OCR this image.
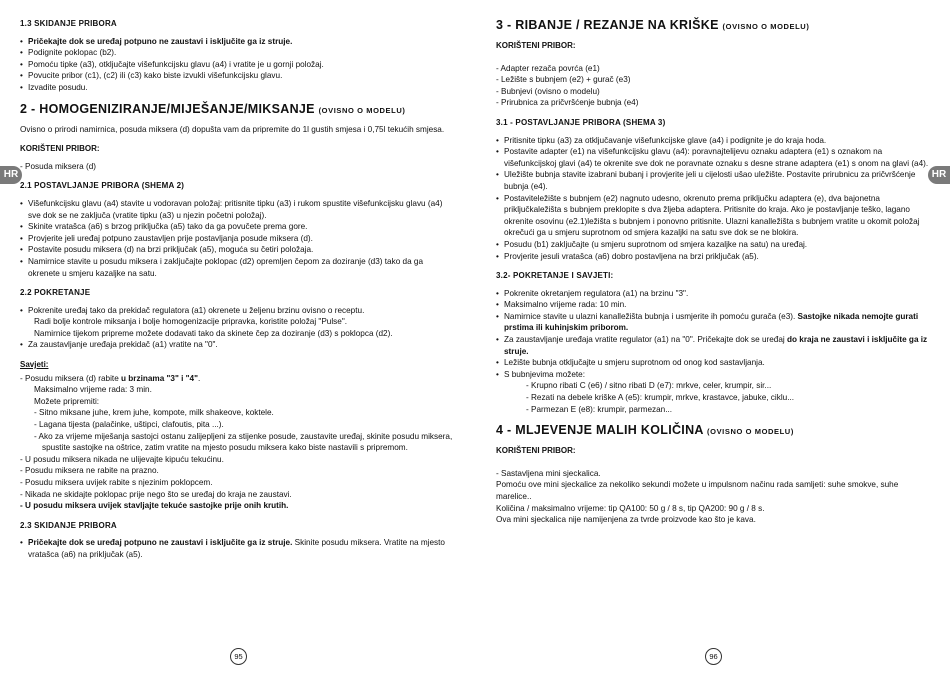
HR	HR

1.3 SKIDANJE PRIBORA

• Pričekajte dok se uređaj potpuno ne zaustavi i isključite ga iz struje.
• Podignite poklopac (b2).
• Pomoću tipke (a3), otključajte višefunkcijsku glavu (a4) i vratite je u gornji položaj.
• Povucite pribor (c1), (c2) ili (c3) kako biste izvukli višefunkcijsku glavu.
• Izvadite posudu.

2 - HOMOGENIZIRANJE/MIJEŠANJE/MIKSANJE (OVISNO O MODELU)

Ovisno o prirodi namirnica, posuda miksera (d) dopušta vam da pripremite do 1l gustih smjesa i 0,75l tekućih smjesa.

KORIŠTENI PRIBOR:

- Posuda miksera (d)

2.1 POSTAVLJANJE PRIBORA (SHEMA 2)

• Višefunkcijsku glavu (a4) stavite u vodoravan položaj: pritisnite tipku (a3) i rukom spustite višefunkcijsku glavu (a4) sve dok se ne zaključa (vratite tipku (a3) u njezin početni položaj).
• Skinite vratašca (a6) s brzog priključka (a5) tako da ga povučete prema gore.
• Provjerite jeli uređaj potpuno zaustavljen prije postavljanja posude miksera (d).
• Postavite posudu miksera (d) na brzi priključak (a5), moguća su četiri položaja.
• Namirnice stavite u posudu miksera i zaključajte poklopac (d2) opremljen čepom za doziranje (d3) tako da ga okrenete u smjeru kazaljke na satu.

2.2 POKRETANJE

• Pokrenite uređaj tako da prekidač regulatora (a1) okrenete u željenu brzinu ovisno o receptu.

Radi bolje kontrole miksanja i bolje homogenizacije pripravka, koristite položaj "Pulse".

Namirnice tijekom pripreme možete dodavati tako da skinete čep za doziranje (d3) s poklopca (d2).

• Za zaustavljanje uređaja prekidač (a1) vratite na "0".

Savjeti:

- Posudu miksera (d) rabite u brzinama "3" i "4".

Maksimalno vrijeme rada: 3 min.

Možete pripremiti:

- Sitno miksane juhe, krem juhe, kompote, milk shakeove, koktele.

- Lagana tijesta (palačinke, uštipci, clafoutis, pita ...).

- Ako za vrijeme miješanja sastojci ostanu zalijepljeni za stijenke posude, zaustavite uređaj, skinite posudu miksera, spustite sastojke na oštrice, zatim vratite na mjesto posudu miksera kako biste nastavili s pripremom.

- U posudu miksera nikada ne ulijevajte kipuću tekućinu.

- Posudu miksera ne rabite na prazno.

- Posudu miksera uvijek rabite s njezinim poklopcem.

- Nikada ne skidajte poklopac prije nego što se uređaj do kraja ne zaustavi.

- U posudu miksera uvijek stavljajte tekuće sastojke prije onih krutih.

2.3 SKIDANJE PRIBORA

• Pričekajte dok se uređaj potpuno ne zaustavi i isključite ga iz struje. Skinite posudu miksera. Vratite na mjesto vratašca (a6) na priključak (a5).

3 - RIBANJE / REZANJE NA KRIŠKE (OVISNO O MODELU)

KORIŠTENI PRIBOR:

- Adapter rezača povrća (e1)

- Ležište s bubnjem (e2) + gurač (e3)

- Bubnjevi (ovisno o modelu)

- Prirubnica za pričvršćenje bubnja (e4)

3.1 - POSTAVLJANJE PRIBORA (SHEMA 3)

• Pritisnite tipku (a3) za otključavanje višefunkcijske glave (a4) i podignite je do kraja hoda.
• Postavite adapter (e1) na višefunkcijsku glavu (a4): poravnajtelijevu oznaku adaptera (e1) s oznakom na višefunkcijskoj glavi (a4) te okrenite sve dok ne poravnate oznaku s desne strane adaptera (e1) s onom na glavi (a4).
• Uležište bubnja stavite izabrani bubanj i provjerite jeli u cijelosti ušao uležište. Postavite prirubnicu za pričvršćenje bubnja (e4).
• Postaviteležište s bubnjem (e2) nagnuto udesno, okrenuto prema priključku adaptera (e), dva bajonetna priključkaležišta s bubnjem preklopite s dva žljeba adaptera. Pritisnite do kraja. Ako je postavljanje teško, lagano okrenite osovinu (e2.1)ležišta s bubnjem i ponovno pritisnite. Ulazni kanalležišta s bubnjem vratite u okomit položaj okrečući ga u smjeru suprotnom od smjera kazaljki na satu sve dok se ne blokira.
• Posudu (b1) zaključajte (u smjeru suprotnom od smjera kazaljke na satu) na uređaj.
• Provjerite jesuli vratašca (a6) dobro postavljena na brzi priključak (a5).

3.2- POKRETANJE I SAVJETI:

• Pokrenite okretanjem regulatora (a1) na brzinu "3".
• Maksimalno vrijeme rada: 10 min.
• Namirnice stavite u ulazni kanalležišta bubnja i usmjerite ih pomoću gurača (e3). Sastojke nikada nemojte gurati prstima ili kuhinjskim priborom.
• Za zaustavljanje uređaja vratite regulator (a1) na "0". Pričekajte dok se uređaj do kraja ne zaustavi i isključite ga iz struje.
• Ležište bubnja otključajte u smjeru suprotnom od onog kod sastavljanja.
• S bubnjevima možete:

- Krupno ribati C (e6) / sitno ribati D (e7): mrkve, celer, krumpir, sir...

- Rezati na debele kriške A (e5): krumpir, mrkve, krastavce, jabuke, ciklu...

- Parmezan E (e8): krumpir, parmezan...

4 - MLJEVENJE MALIH KOLIČINA (OVISNO O MODELU)

KORIŠTENI PRIBOR:

- Sastavljena mini sjeckalica.

Pomoću ove mini sjeckalice za nekoliko sekundi možete u impulsnom načinu rada samljeti: suhe smokve, suhe marelice..

Količina / maksimalno vrijeme: tip QA100: 50 g / 8 s, tip QA200: 90 g / 8 s.

Ova mini sjeckalica nije namijenjena za tvrde proizvode kao što je kava.

95	96
